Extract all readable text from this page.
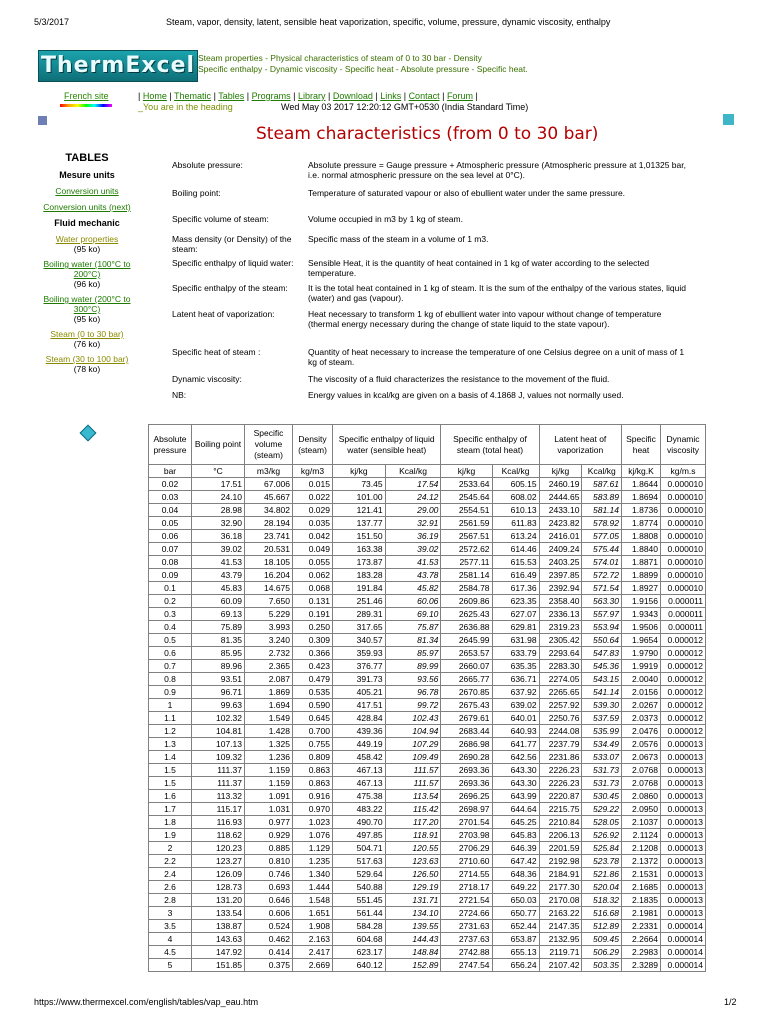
5/3/2017	Steam, vapor, density, latent, sensible heat vaporization, specific, volume, pressure, dynamic viscosity, enthalpy
ThermExcel Steam properties - Physical characteristics of steam of 0 to 30 bar - Density
Specific enthalpy - Dynamic viscosity - Specific heat - Absolute pressure - Specific heat.
French site	| Home | Thematic | Tables | Programs | Library | Download | Links | Contact | Forum |
_You are in the heading	Wed May 03 2017 12:20:12 GMT+0530 (India Standard Time)
Steam characteristics (from 0 to 30 bar)
TABLES
Mesure units
Conversion units
Conversion units (next)
Fluid mechanic
Water properties
(95 ko)
Boiling water (100°C to 200°C)
(96 ko)
Boiling water (200°C to 300°C)
(95 ko)
Steam (0 to 30 bar)
(76 ko)
Steam (30 to 100 bar)
(78 ko)
Absolute pressure:	Absolute pressure = Gauge pressure + Atmospheric pressure (Atmospheric pressure at 1,01325 bar, i.e. normal atmospheric pressure on the sea level at 0°C).
Boiling point:	Temperature of saturated vapour or also of ebullient water under the same pressure.
Specific volume of steam:	Volume occupied in m3 by 1 kg of steam.
Mass density (or Density) of the steam:
Specific mass of the steam in a volume of 1 m3.
Specific enthalpy of liquid water:	Sensible Heat, it is the quantity of heat contained in 1 kg of water according to the selected temperature.
Specific enthalpy of the steam:	It is the total heat contained in 1 kg of steam. It is the sum of the enthalpy of the various states, liquid (water) and gas (vapour).
Latent heat of vaporization:	Heat necessary to transform 1 kg of ebullient water into vapour without change of temperature (thermal energy necessary during the change of state liquid to the state vapour).
Specific heat of steam :	Quantity of heat necessary to increase the temperature of one Celsius degree on a unit of mass of 1 kg of steam.
Dynamic viscosity:	The viscosity of a fluid characterizes the resistance to the movement of the fluid.
NB:	Energy values in kcal/kg are given on a basis of 4.1868 J, values not normally used.
Absolute pressure	Boiling point	Specific volume (steam)	Density (steam)	Specific enthalpy of liquid water (sensible heat)		Specific enthalpy of steam (total heat)		Latent heat of vaporization		Specific heat	Dynamic viscosity
bar	°C	m3/kg	kg/m3	kj/kg	Kcal/kg	kj/kg	Kcal/kg	kj/kg	Kcal/kg	kj/kg.K	kg/m.s
0.02	17.51	67.006	0.015	73.45	17.54	2533.64	605.15	2460.19	587.61	1.8644	0.000010
0.03	24.10	45.667	0.022	101.00	24.12	2545.64	608.02	2444.65	583.89	1.8694	0.000010
0.04	28.98	34.802	0.029	121.41	29.00	2554.51	610.13	2433.10	581.14	1.8736	0.000010
0.05	32.90	28.194	0.035	137.77	32.91	2561.59	611.83	2423.82	578.92	1.8774	0.000010
0.06	36.18	23.741	0.042	151.50	36.19	2567.51	613.24	2416.01	577.05	1.8808	0.000010
0.07	39.02	20.531	0.049	163.38	39.02	2572.62	614.46	2409.24	575.44	1.8840	0.000010
0.08	41.53	18.105	0.055	173.87	41.53	2577.11	615.53	2403.25	574.01	1.8871	0.000010
0.09	43.79	16.204	0.062	183.28	43.78	2581.14	616.49	2397.85	572.72	1.8899	0.000010
0.1	45.83	14.675	0.068	191.84	45.82	2584.78	617.36	2392.94	571.54	1.8927	0.000010
0.2	60.09	7.650	0.131	251.46	60.06	2609.86	623.35	2358.40	563.30	1.9156	0.000011
0.3	69.13	5.229	0.191	289.31	69.10	2625.43	627.07	2336.13	557.97	1.9343	0.000011
0.4	75.89	3.993	0.250	317.65	75.87	2636.88	629.81	2319.23	553.94	1.9506	0.000011
0.5	81.35	3.240	0.309	340.57	81.34	2645.99	631.98	2305.42	550.64	1.9654	0.000012
0.6	85.95	2.732	0.366	359.93	85.97	2653.57	633.79	2293.64	547.83	1.9790	0.000012
0.7	89.96	2.365	0.423	376.77	89.99	2660.07	635.35	2283.30	545.36	1.9919	0.000012
0.8	93.51	2.087	0.479	391.73	93.56	2665.77	636.71	2274.05	543.15	2.0040	0.000012
0.9	96.71	1.869	0.535	405.21	96.78	2670.85	637.92	2265.65	541.14	2.0156	0.000012
1	99.63	1.694	0.590	417.51	99.72	2675.43	639.02	2257.92	539.30	2.0267	0.000012
1.1	102.32	1.549	0.645	428.84	102.43	2679.61	640.01	2250.76	537.59	2.0373	0.000012
1.2	104.81	1.428	0.700	439.36	104.94	2683.44	640.93	2244.08	535.99	2.0476	0.000012
1.3	107.13	1.325	0.755	449.19	107.29	2686.98	641.77	2237.79	534.49	2.0576	0.000013
1.4	109.32	1.236	0.809	458.42	109.49	2690.28	642.56	2231.86	533.07	2.0673	0.000013
1.5	111.37	1.159	0.863	467.13	111.57	2693.36	643.30	2226.23	531.73	2.0768	0.000013
1.5	111.37	1.159	0.863	467.13	111.57	2693.36	643.30	2226.23	531.73	2.0768	0.000013
1.6	113.32	1.091	0.916	475.38	113.54	2696.25	643.99	2220.87	530.45	2.0860	0.000013
1.7	115.17	1.031	0.970	483.22	115.42	2698.97	644.64	2215.75	529.22	2.0950	0.000013
1.8	116.93	0.977	1.023	490.70	117.20	2701.54	645.25	2210.84	528.05	2.1037	0.000013
1.9	118.62	0.929	1.076	497.85	118.91	2703.98	645.83	2206.13	526.92	2.1124	0.000013
2	120.23	0.885	1.129	504.71	120.55	2706.29	646.39	2201.59	525.84	2.1208	0.000013
2.2	123.27	0.810	1.235	517.63	123.63	2710.60	647.42	2192.98	523.78	2.1372	0.000013
2.4	126.09	0.746	1.340	529.64	126.50	2714.55	648.36	2184.91	521.86	2.1531	0.000013
2.6	128.73	0.693	1.444	540.88	129.19	2718.17	649.22	2177.30	520.04	2.1685	0.000013
2.8	131.20	0.646	1.548	551.45	131.71	2721.54	650.03	2170.08	518.32	2.1835	0.000013
3	133.54	0.606	1.651	561.44	134.10	2724.66	650.77	2163.22	516.68	2.1981	0.000013
3.5	138.87	0.524	1.908	584.28	139.55	2731.63	652.44	2147.35	512.89	2.2331	0.000014
4	143.63	0.462	2.163	604.68	144.43	2737.63	653.87	2132.95	509.45	2.2664	0.000014
4.5	147.92	0.414	2.417	623.17	148.84	2742.88	655.13	2119.71	506.29	2.2983	0.000014
5	151.85	0.375	2.669	640.12	152.89	2747.54	656.24	2107.42	503.35	2.3289	0.000014
https://www.thermexcel.com/english/tables/vap_eau.htm	1/2
